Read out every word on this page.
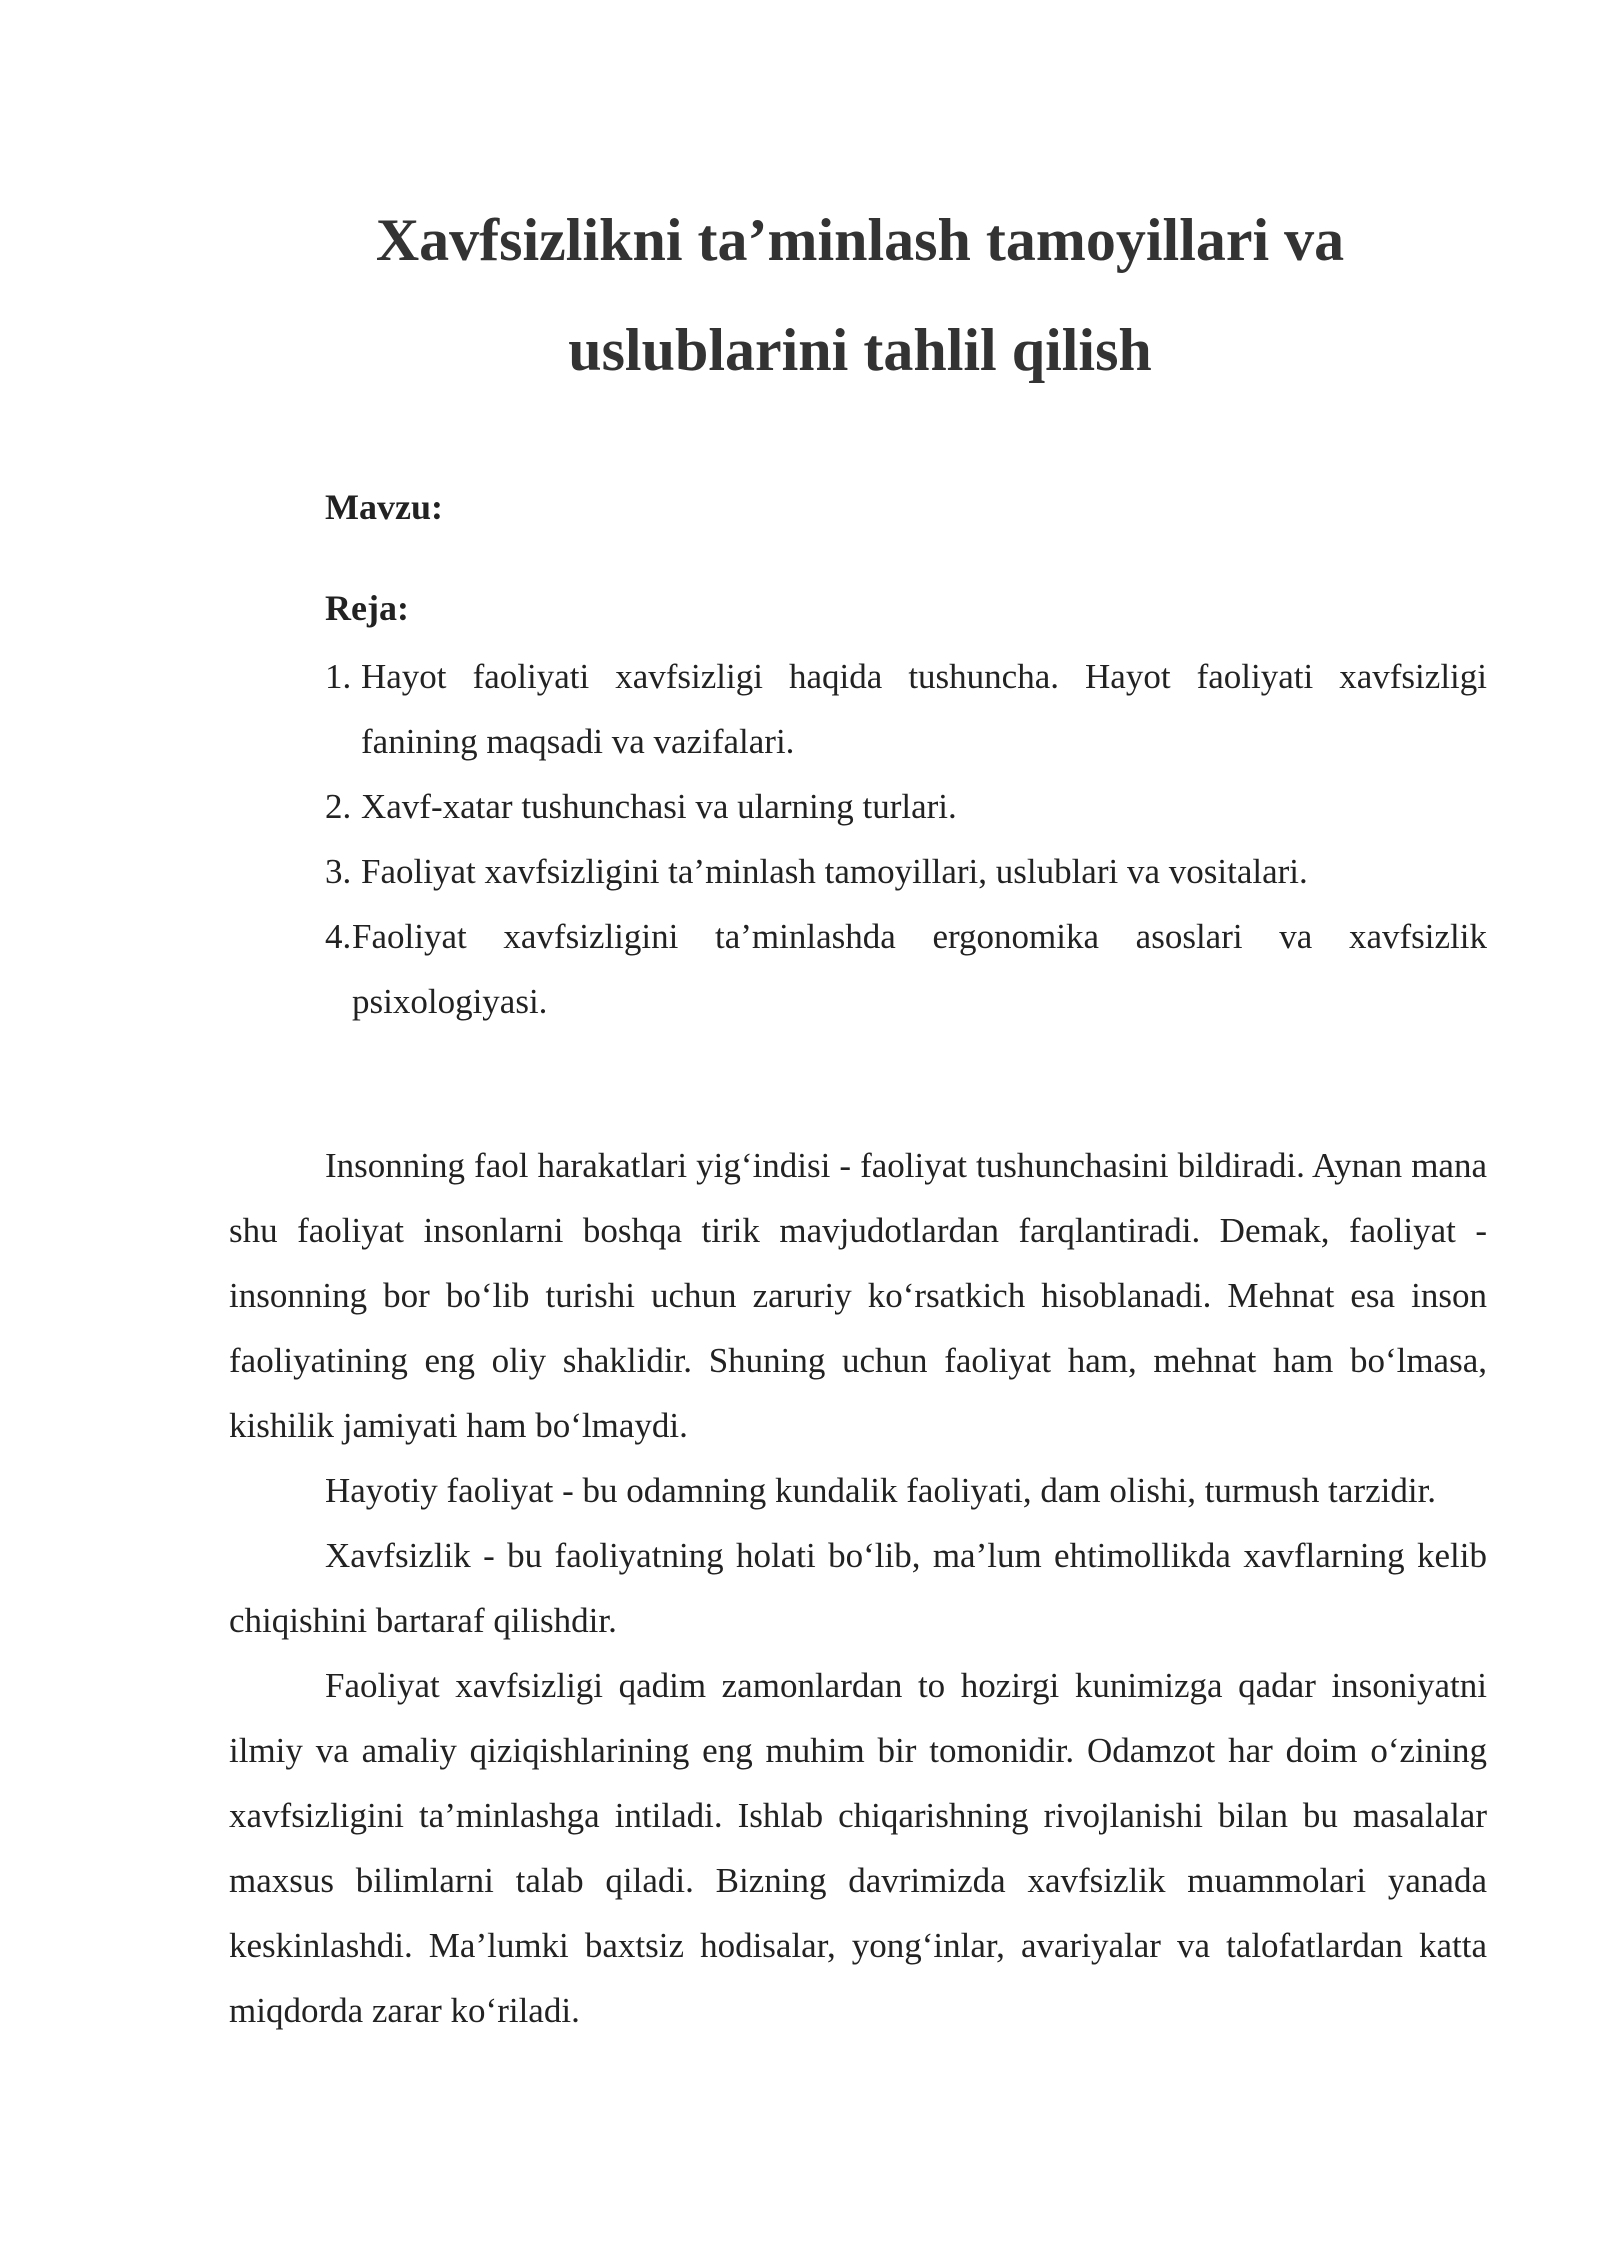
Xavfsizlikni ta’minlash tamoyillari va uslublarini tahlil qilish
Mavzu:
Reja:
1. Hayot faoliyati xavfsizligi haqida tushuncha. Hayot faoliyati xavfsizligi fanining maqsadi va vazifalari.
2. Xavf-xatar tushunchasi va ularning turlari.
3. Faoliyat xavfsizligini ta’minlash tamoyillari, uslublari va vositalari.
4. Faoliyat xavfsizligini ta’minlashda ergonomika asoslari va xavfsizlik psixologiyasi.

Insonning faol harakatlari yig‘indisi - faoliyat tushunchasini bildiradi. Aynan mana shu faoliyat insonlarni boshqa tirik mavjudotlardan farqlantiradi. Demak, faoliyat - insonning bor bo‘lib turishi uchun zaruriy ko‘rsatkich hisoblanadi. Mehnat esa inson faoliyatining eng oliy shaklidir. Shuning uchun faoliyat ham, mehnat ham bo‘lmasa, kishilik jamiyati ham bo‘lmaydi.

Hayotiy faoliyat - bu odamning kundalik faoliyati, dam olishi, turmush tarzidir.

Xavfsizlik - bu faoliyatning holati bo‘lib, ma’lum ehtimollikda xavflarning kelib chiqishini bartaraf qilishdir.

Faoliyat xavfsizligi qadim zamonlardan to hozirgi kunimizga qadar insoniyatni ilmiy va amaliy qiziqishlarining eng muhim bir tomonidir. Odamzot har doim o‘zining xavfsizligini ta’minlashga intiladi. Ishlab chiqarishning rivojlanishi bilan bu masalalar maxsus bilimlarni talab qiladi. Bizning davrimizda xavfsizlik muammolari yanada keskinlashdi. Ma’lumki baxtsiz hodisalar, yong‘inlar, avariyalar va talofatlardan katta miqdorda zarar ko‘riladi.
